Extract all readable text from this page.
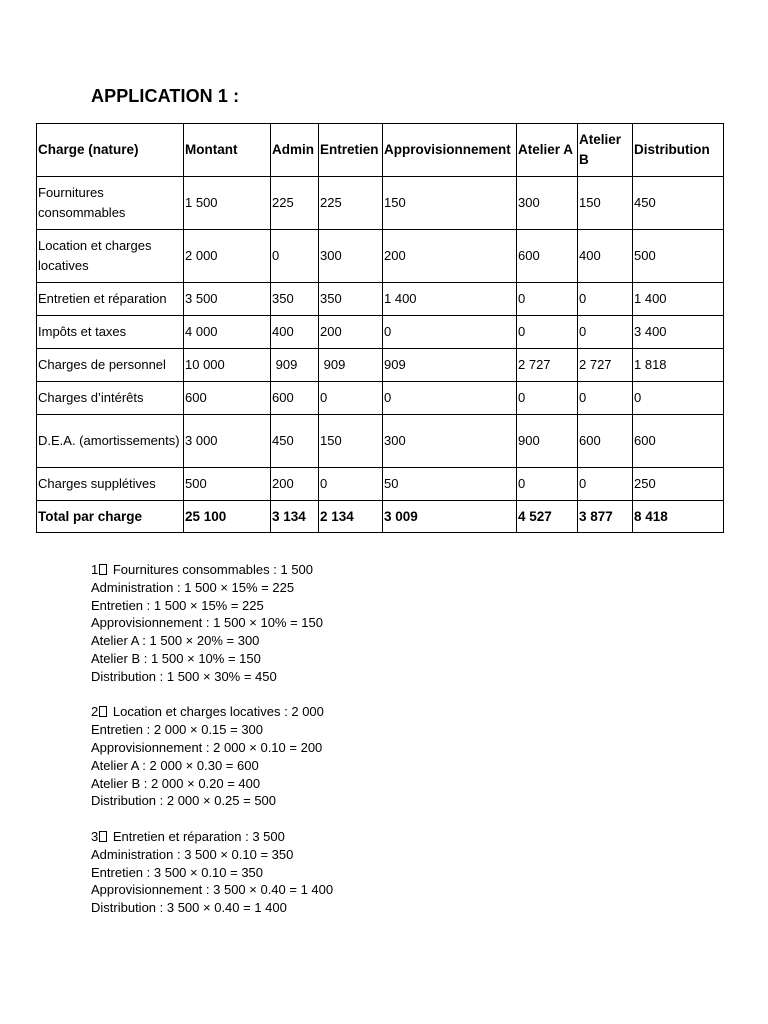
APPLICATION 1 :
Charge (nature)	Montant	Admin	Entretien	Approvisionnement	Atelier A	Atelier B	Distribution
Fournitures consommables	1 500	225	225	150	300	150	450
Location et charges locatives	2 000	0	300	200	600	400	500
Entretien et réparation	3 500	350	350	1 400	0	0	1 400
Impôts et taxes	4 000	400	200	0	0	0	3 400
Charges de personnel	10 000	909	909	909	2 727	2 727	1 818
Charges d’intérêts	600	600	0	0	0	0	0
D.E.A. (amortissements)	3 000	450	150	300	900	600	600
Charges supplétives	500	200	0	50	0	0	250
Total par charge	25 100	3 134	2 134	3 009	4 527	3 877	8 418
1 Fournitures consommables : 1 500
Administration : 1 500 × 15% = 225
Entretien : 1 500 × 15% = 225
Approvisionnement : 1 500 × 10% = 150
Atelier A : 1 500 × 20% = 300
Atelier B : 1 500 × 10% = 150
Distribution : 1 500 × 30% = 450
2 Location et charges locatives : 2 000
Entretien : 2 000 × 0.15 = 300
Approvisionnement : 2 000 × 0.10 = 200
Atelier A : 2 000 × 0.30 = 600
Atelier B : 2 000 × 0.20 = 400
Distribution : 2 000 × 0.25 = 500
3 Entretien et réparation : 3 500
Administration : 3 500 × 0.10 = 350
Entretien : 3 500 × 0.10 = 350
Approvisionnement : 3 500 × 0.40 = 1 400
Distribution : 3 500 × 0.40 = 1 400
